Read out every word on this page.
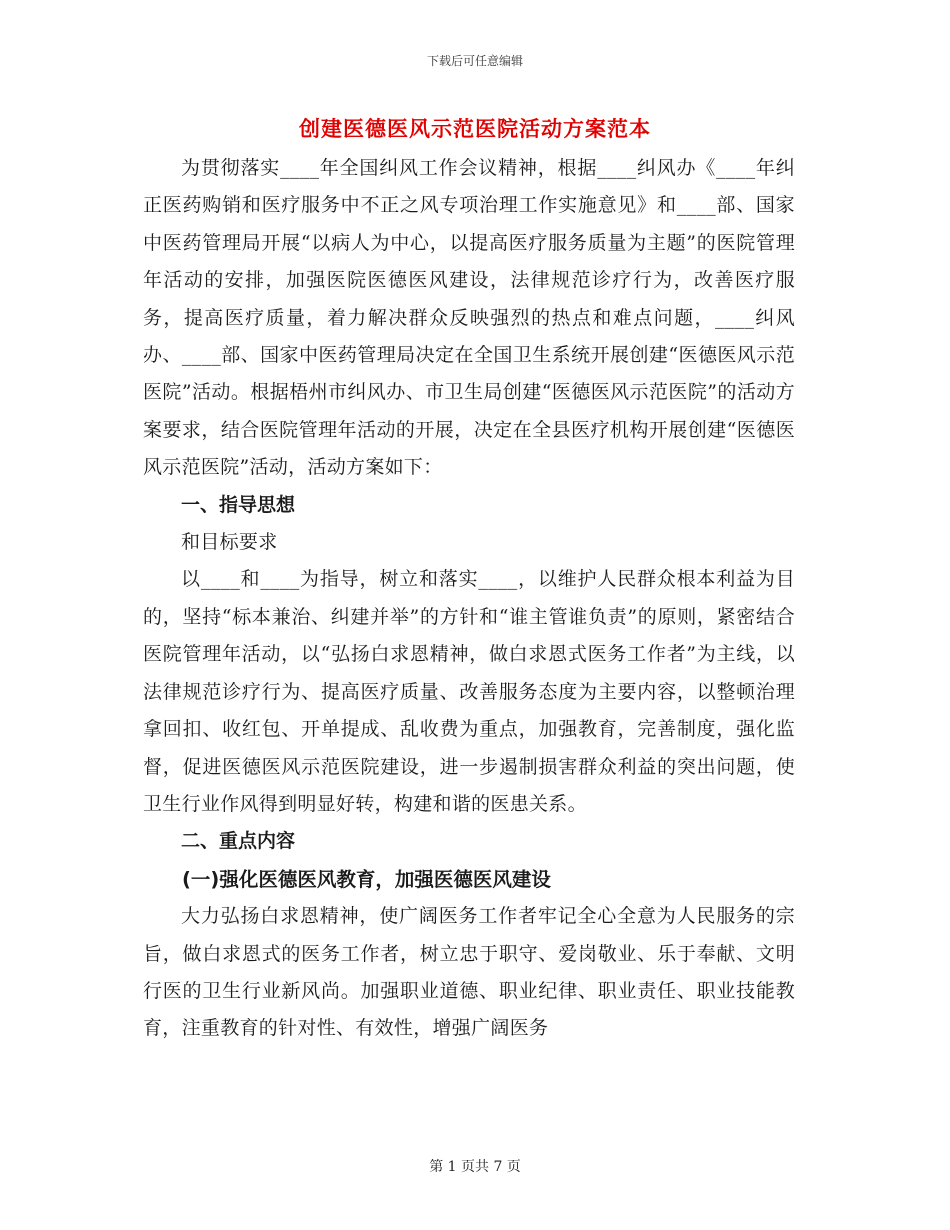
下载后可任意编辑
创建医德医风示范医院活动方案范本

为贯彻落实____年全国纠风工作会议精神，根据____纠风办《____年纠正医药购销和医疗服务中不正之风专项治理工作实施意见》和____部、国家中医药管理局开展“以病人为中心，以提高医疗服务质量为主题”的医院管理年活动的安排，加强医院医德医风建设，法律规范诊疗行为，改善医疗服务，提高医疗质量，着力解决群众反映强烈的热点和难点问题，____纠风办、____部、国家中医药管理局决定在全国卫生系统开展创建“医德医风示范医院”活动。根据梧州市纠风办、市卫生局创建“医德医风示范医院”的活动方案要求，结合医院管理年活动的开展，决定在全县医疗机构开展创建“医德医风示范医院”活动，活动方案如下：

一、指导思想

和目标要求

以____和____为指导，树立和落实____，以维护人民群众根本利益为目的，坚持“标本兼治、纠建并举”的方针和“谁主管谁负责”的原则，紧密结合医院管理年活动，以“弘扬白求恩精神，做白求恩式医务工作者”为主线，以法律规范诊疗行为、提高医疗质量、改善服务态度为主要内容，以整顿治理拿回扣、收红包、开单提成、乱收费为重点，加强教育，完善制度，强化监督，促进医德医风示范医院建设，进一步遏制损害群众利益的突出问题，使卫生行业作风得到明显好转，构建和谐的医患关系。

二、重点内容

(一)强化医德医风教育，加强医德医风建设

大力弘扬白求恩精神，使广阔医务工作者牢记全心全意为人民服务的宗旨，做白求恩式的医务工作者，树立忠于职守、爱岗敬业、乐于奉献、文明行医的卫生行业新风尚。加强职业道德、职业纪律、职业责任、职业技能教育，注重教育的针对性、有效性，增强广阔医务

第 1 页共 7 页
